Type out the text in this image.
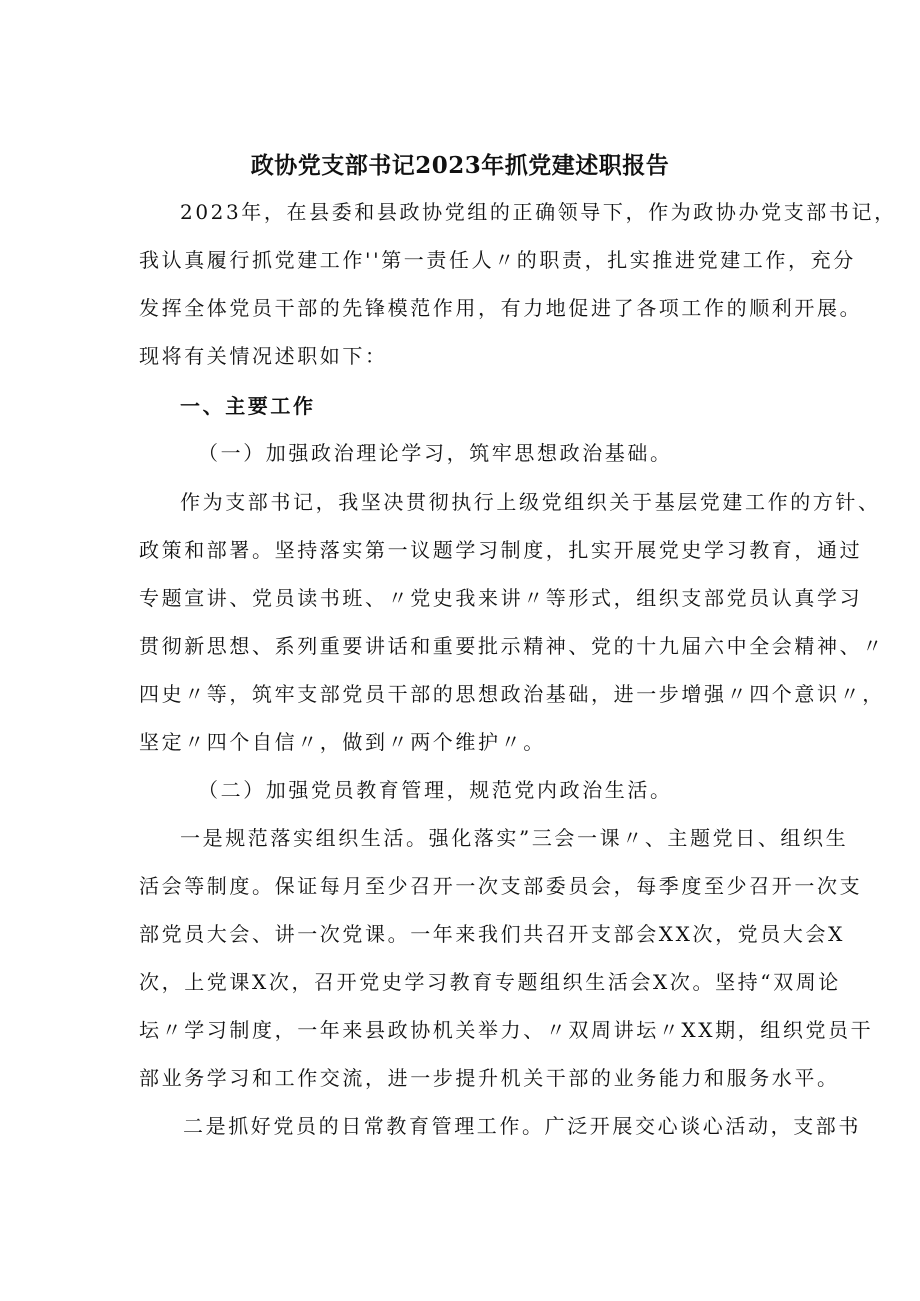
政协党支部书记2023年抓党建述职报告
2023年，在县委和县政协党组的正确领导下，作为政协办党支部书记，
我认真履行抓党建工作''第一责任人〃的职责，扎实推进党建工作，充分
发挥全体党员干部的先锋模范作用，有力地促进了各项工作的顺利开展。
现将有关情况述职如下：
一、主要工作
（一）加强政治理论学习，筑牢思想政治基础。
作为支部书记，我坚决贯彻执行上级党组织关于基层党建工作的方针、
政策和部署。坚持落实第一议题学习制度，扎实开展党史学习教育，通过
专题宣讲、党员读书班、〃党史我来讲〃等形式，组织支部党员认真学习
贯彻新思想、系列重要讲话和重要批示精神、党的十九届六中全会精神、〃
四史〃等，筑牢支部党员干部的思想政治基础，进一步增强〃四个意识〃，
坚定〃四个自信〃，做到〃两个维护〃。
（二）加强党员教育管理，规范党内政治生活。
一是规范落实组织生活。强化落实”三会一课〃、主题党日、组织生
活会等制度。保证每月至少召开一次支部委员会，每季度至少召开一次支
部党员大会、讲一次党课。一年来我们共召开支部会XX次，党员大会X
次，上党课X次，召开党史学习教育专题组织生活会X次。坚持“双周论
坛〃学习制度，一年来县政协机关举力、〃双周讲坛〃XX期，组织党员干
部业务学习和工作交流，进一步提升机关干部的业务能力和服务水平。
二是抓好党员的日常教育管理工作。广泛开展交心谈心活动，支部书
